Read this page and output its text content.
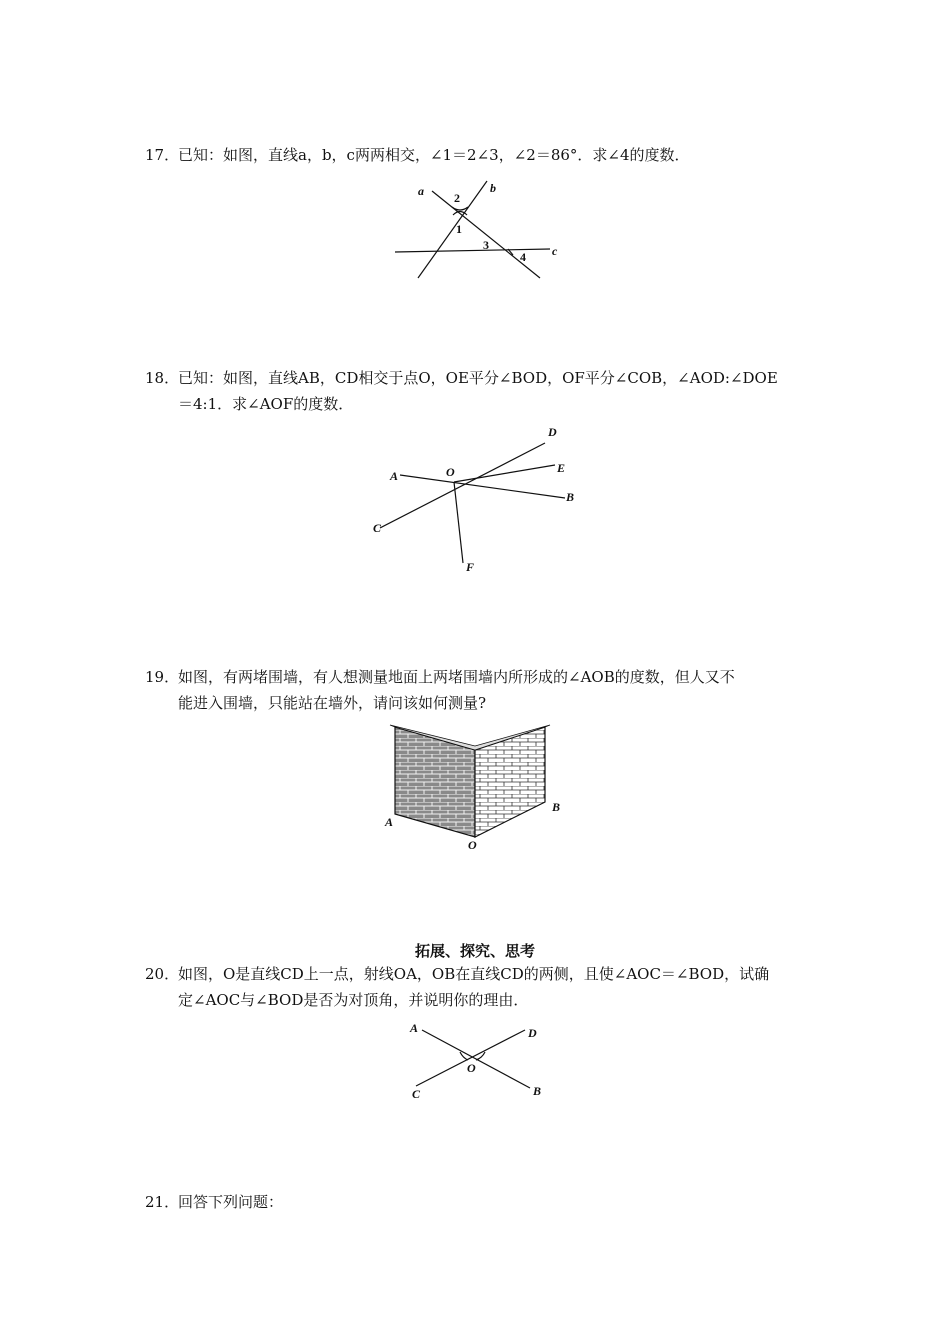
17．已知：如图，直线a，b，c两两相交，∠1＝2∠3，∠2＝86°．求∠4的度数．
a	b
c
2
1
3
4
18．已知：如图，直线AB，CD相交于点O，OE平分∠BOD，OF平分∠COB，∠AOD:∠DOE
＝4:1．求∠AOF的度数．
A	O
D
E
B
C
F
19．如图，有两堵围墙，有人想测量地面上两堵围墙内所形成的∠AOB的度数，但人又不
能进入围墙，只能站在墙外，请问该如何测量?
A
B
O
拓展、探究、思考
20．如图，O是直线CD上一点，射线OA，OB在直线CD的两侧，且使∠AOC＝∠BOD，试确
定∠AOC与∠BOD是否为对顶角，并说明你的理由．
A	D
O
C	B
21．回答下列问题：
